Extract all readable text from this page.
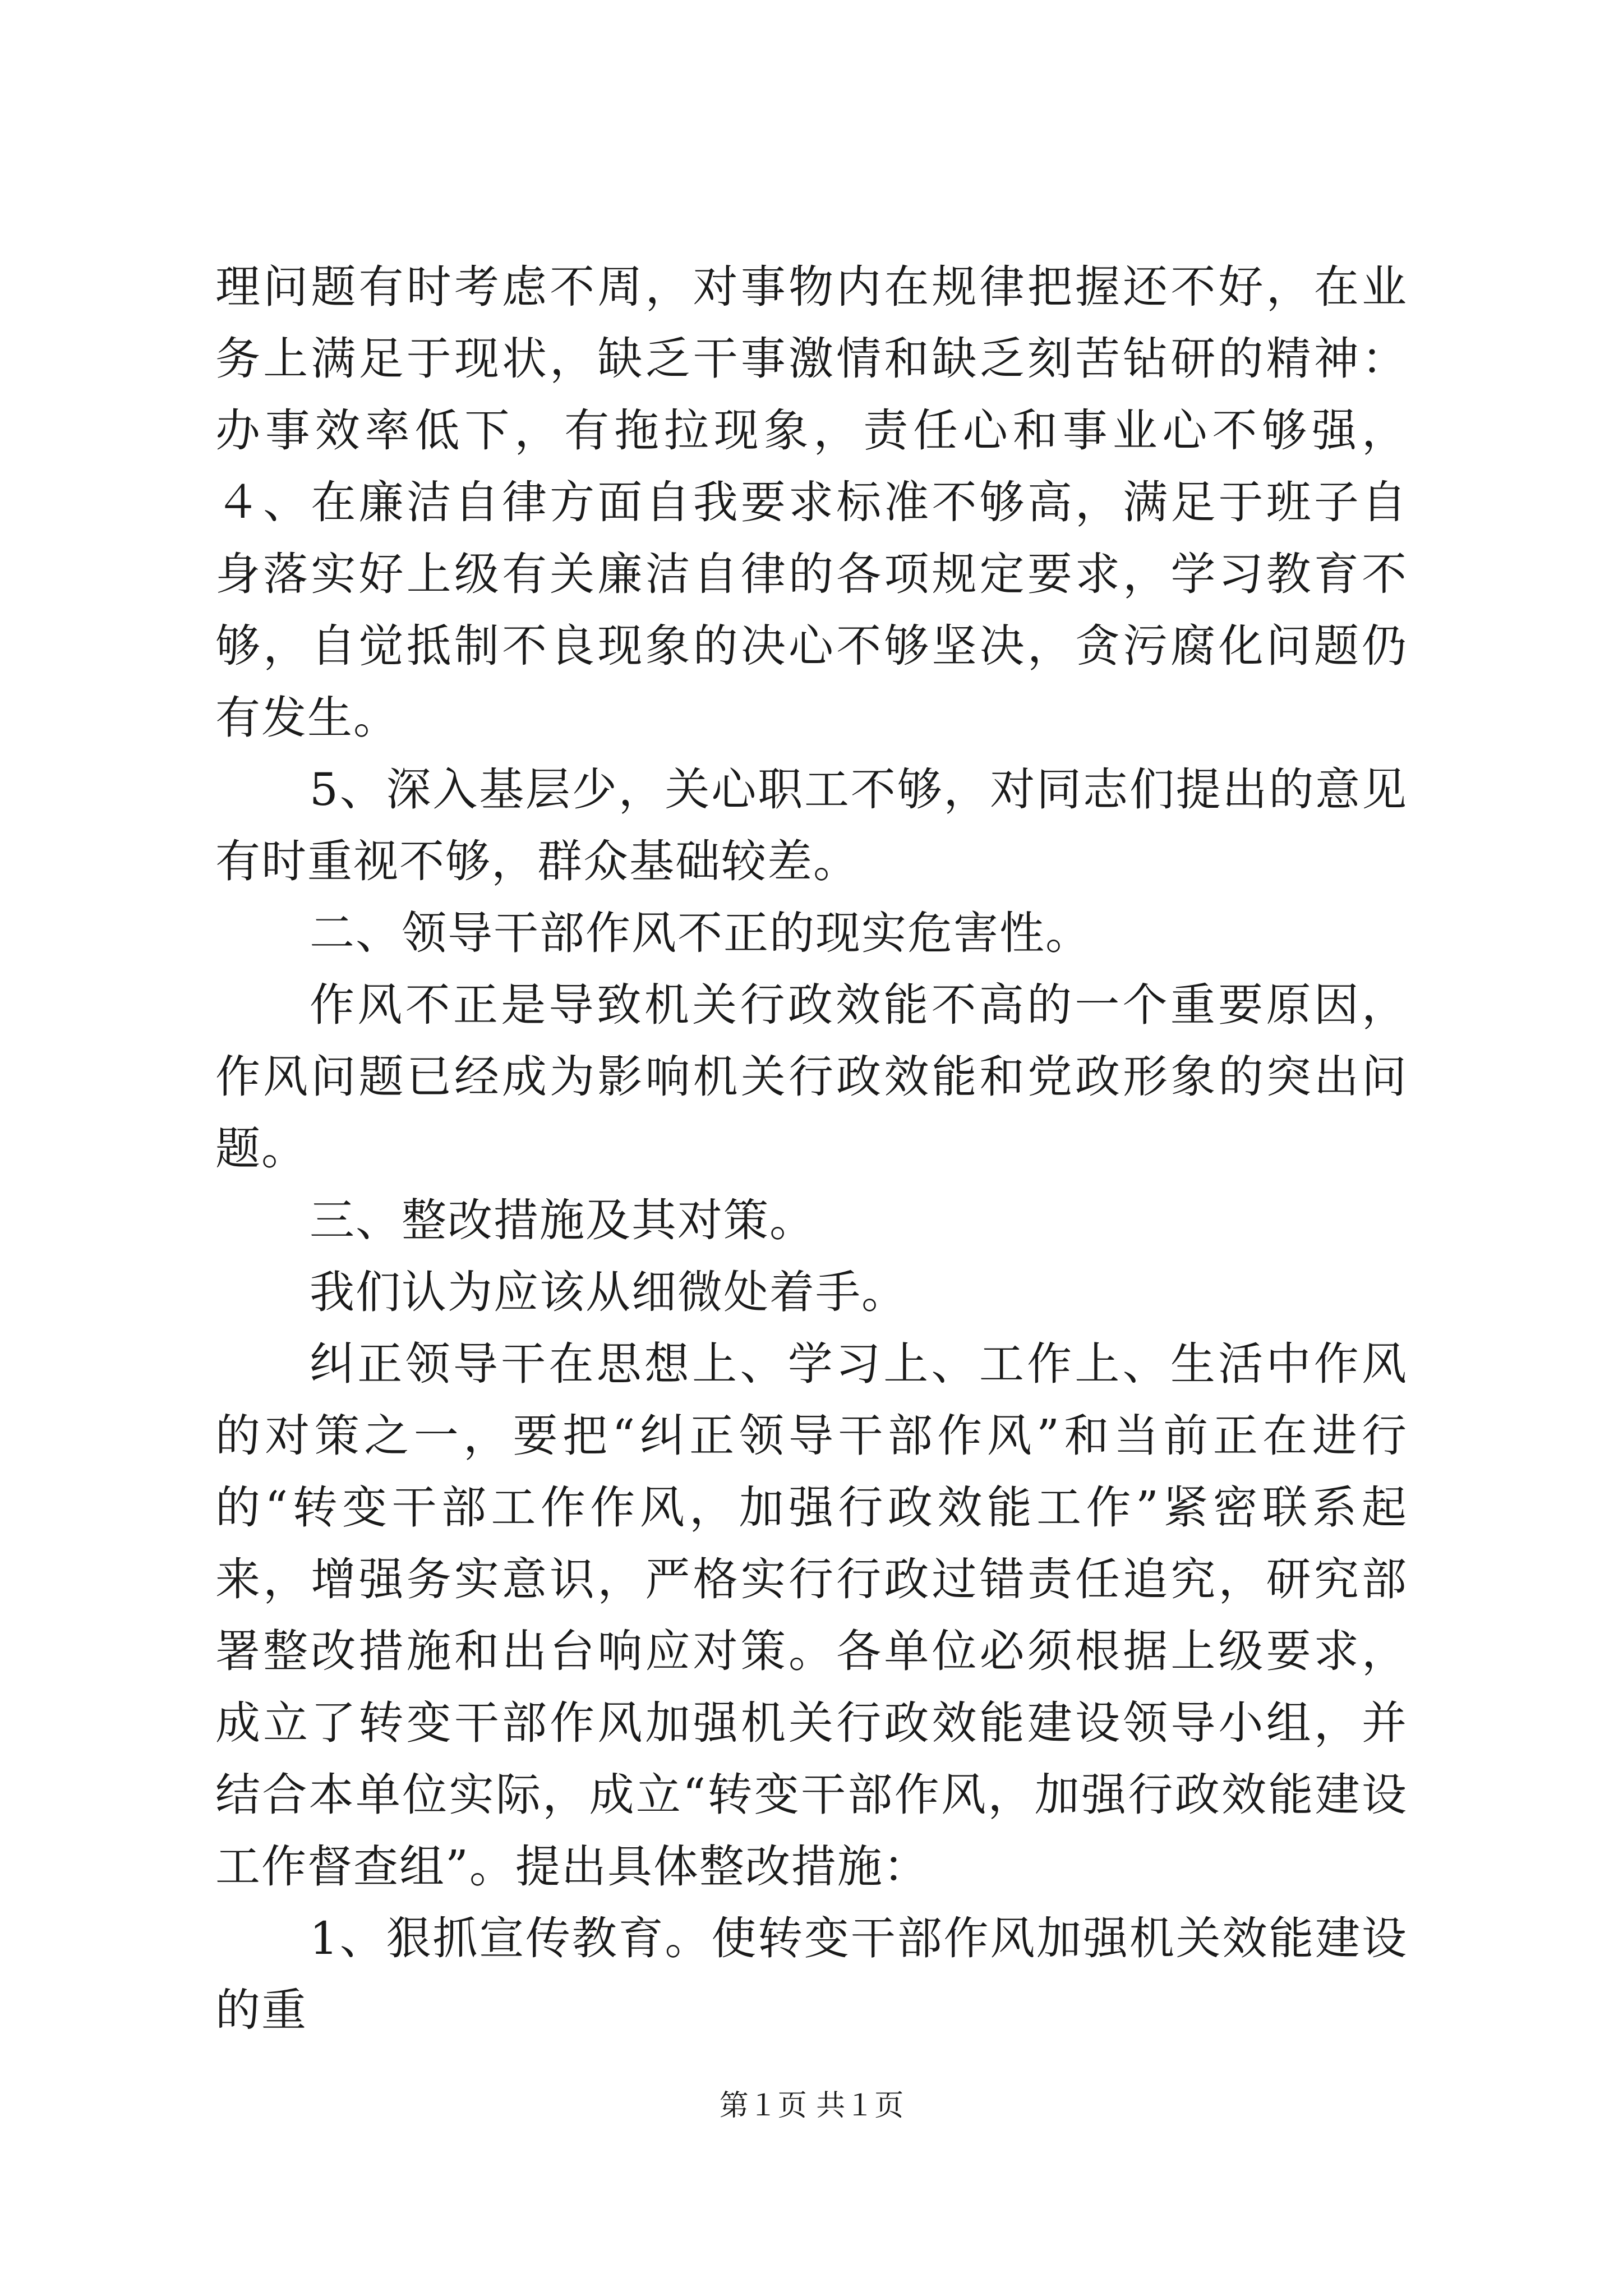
理问题有时考虑不周，对事物内在规律把握还不好，在业务上满足于现状，缺乏干事激情和缺乏刻苦钻研的精神：办事效率低下，有拖拉现象，责任心和事业心不够强，４、在廉洁自律方面自我要求标准不够高，满足于班子自身落实好上级有关廉洁自律的各项规定要求，学习教育不够，自觉抵制不良现象的决心不够坚决，贪污腐化问题仍有发生。

5、深入基层少，关心职工不够，对同志们提出的意见有时重视不够，群众基础较差。

二、领导干部作风不正的现实危害性。

作风不正是导致机关行政效能不高的一个重要原因，作风问题已经成为影响机关行政效能和党政形象的突出问题。

三、整改措施及其对策。

我们认为应该从细微处着手。

纠正领导干在思想上、学习上、工作上、生活中作风的对策之一，要把“纠正领导干部作风”和当前正在进行的“转变干部工作作风，加强行政效能工作”紧密联系起来，增强务实意识，严格实行行政过错责任追究，研究部署整改措施和出台响应对策。各单位必须根据上级要求，成立了转变干部作风加强机关行政效能建设领导小组，并结合本单位实际，成立“转变干部作风，加强行政效能建设工作督查组”。提出具体整改措施：

1、狠抓宣传教育。使转变干部作风加强机关效能建设的重

第１页 共１页
